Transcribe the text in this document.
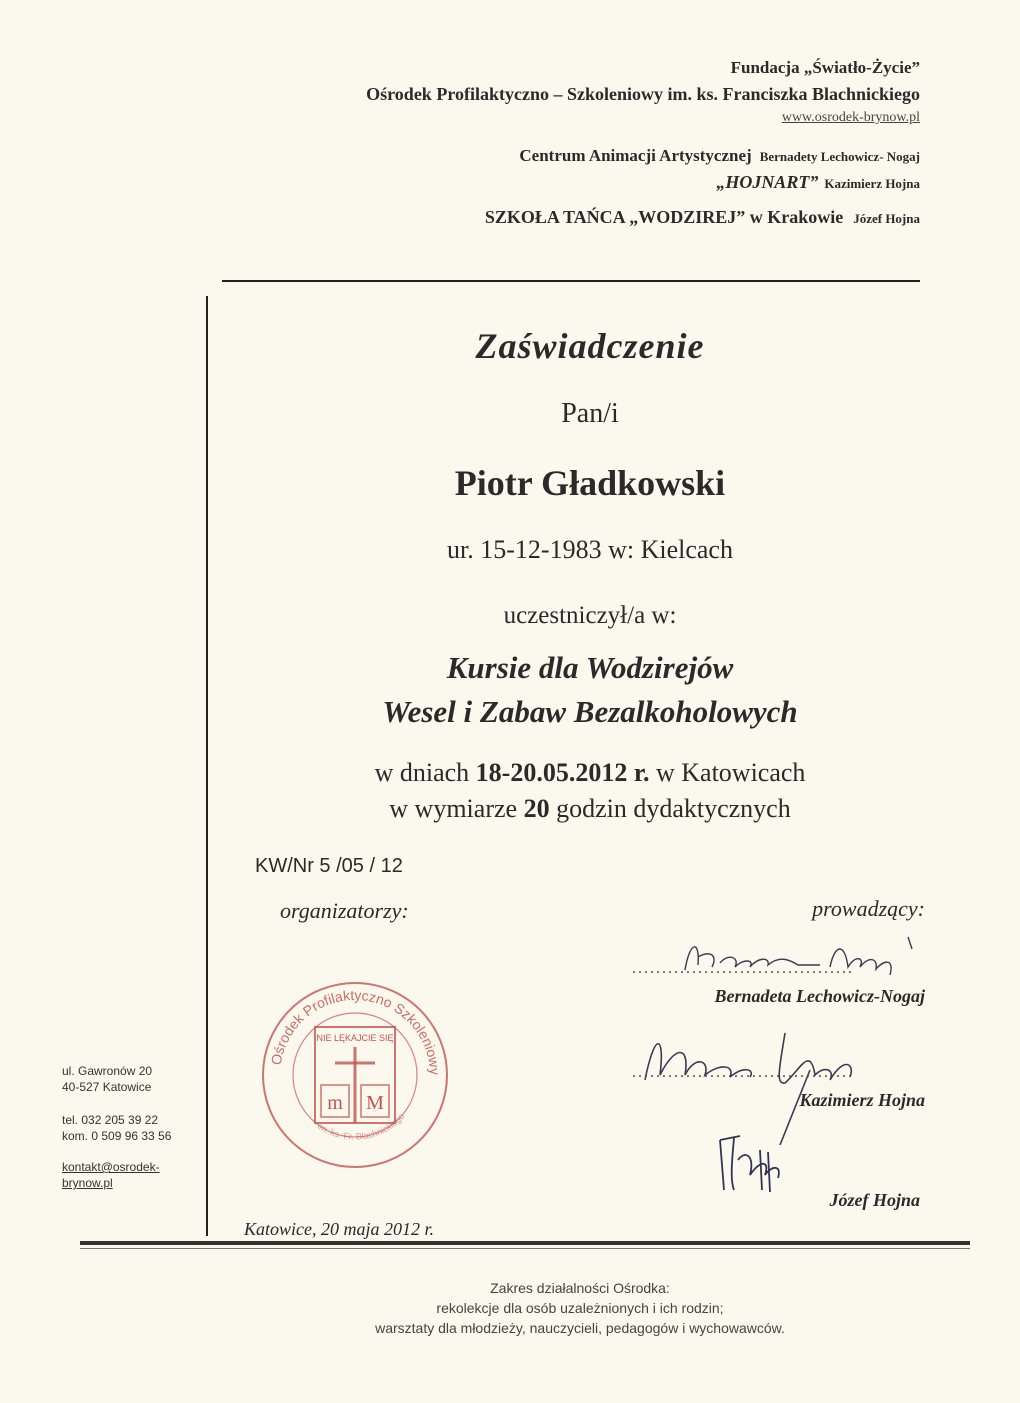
Fundacja „Światło-Życie”
Ośrodek Profilaktyczno – Szkoleniowy im. ks. Franciszka Blachnickiego
www.osrodek-brynow.pl
Centrum Animacji Artystycznej Bernadety Lechowicz- Nogaj
„HOJNART” Kazimierz Hojna
SZKOŁA TAŃCA „WODZIREJ” w Krakowie Józef Hojna
Zaświadczenie
Pan/i
Piotr Gładkowski
ur. 15-12-1983 w: Kielcach
uczestniczył/a w:
Kursie dla Wodzirejów
Wesel i Zabaw Bezalkoholowych
w dniach 18-20.05.2012 r. w Katowicach
w wymiarze 20 godzin dydaktycznych
KW/Nr 5 /05 / 12
organizatorzy:	prowadzący:
Ośrodek Profilaktyczno Szkoleniowy
im. ks. Fr. Blachnickiego
NIE LĘKAJCIE SIĘ
m M
.....................................
Bernadeta Lechowicz-Nogaj
.....................................
Kazimierz Hojna
Józef Hojna
Katowice, 20 maja 2012 r.
ul. Gawronów 20
40-527 Katowice
tel. 032 205 39 22
kom. 0 509 96 33 56
kontakt@osrodek-
brynow.pl
Zakres działalności Ośrodka:
rekolekcje dla osób uzależnionych i ich rodzin;
warsztaty dla młodzieży, nauczycieli, pedagogów i wychowawców.
